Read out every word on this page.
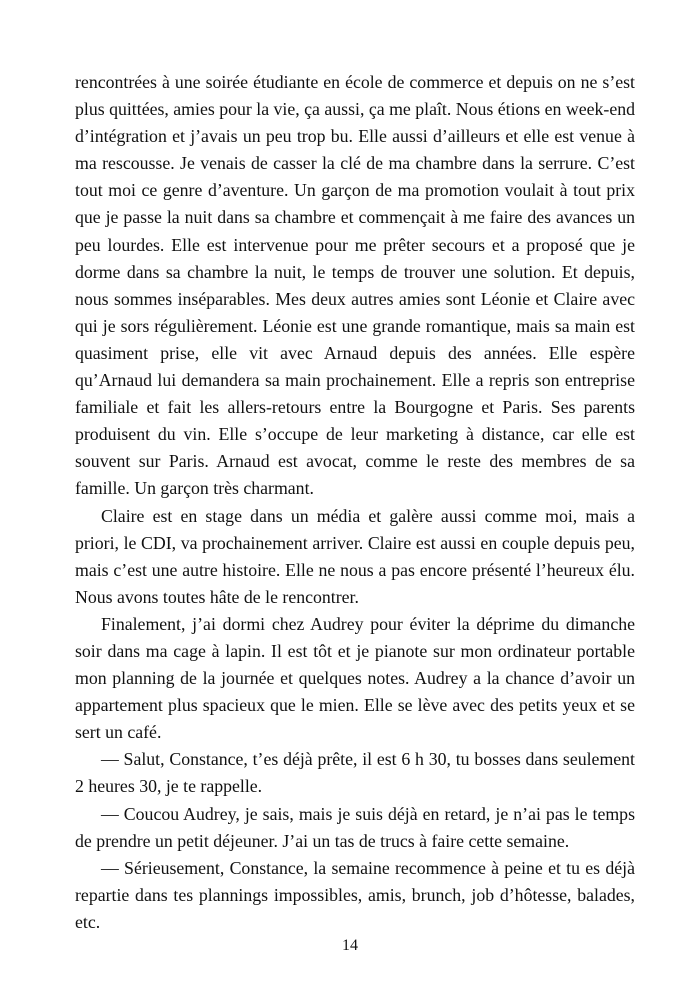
rencontrées à une soirée étudiante en école de commerce et depuis on ne s’est plus quittées, amies pour la vie, ça aussi, ça me plaît. Nous étions en week-end d’intégration et j’avais un peu trop bu. Elle aussi d’ailleurs et elle est venue à ma rescousse. Je venais de casser la clé de ma chambre dans la serrure. C’est tout moi ce genre d’aventure. Un garçon de ma promotion voulait à tout prix que je passe la nuit dans sa chambre et commençait à me faire des avances un peu lourdes. Elle est intervenue pour me prêter secours et a proposé que je dorme dans sa chambre la nuit, le temps de trouver une solution. Et depuis, nous sommes inséparables. Mes deux autres amies sont Léonie et Claire avec qui je sors régulièrement. Léonie est une grande romantique, mais sa main est quasiment prise, elle vit avec Arnaud depuis des années. Elle espère qu’Arnaud lui demandera sa main prochainement. Elle a repris son entreprise familiale et fait les allers-retours entre la Bourgogne et Paris. Ses parents produisent du vin. Elle s’occupe de leur marketing à distance, car elle est souvent sur Paris. Arnaud est avocat, comme le reste des membres de sa famille. Un garçon très charmant.

Claire est en stage dans un média et galère aussi comme moi, mais a priori, le CDI, va prochainement arriver. Claire est aussi en couple depuis peu, mais c’est une autre histoire. Elle ne nous a pas encore présenté l’heureux élu. Nous avons toutes hâte de le rencontrer.

Finalement, j’ai dormi chez Audrey pour éviter la déprime du dimanche soir dans ma cage à lapin. Il est tôt et je pianote sur mon ordinateur portable mon planning de la journée et quelques notes. Audrey a la chance d’avoir un appartement plus spacieux que le mien. Elle se lève avec des petits yeux et se sert un café.

— Salut, Constance, t’es déjà prête, il est 6 h 30, tu bosses dans seulement 2 heures 30, je te rappelle.

— Coucou Audrey, je sais, mais je suis déjà en retard, je n’ai pas le temps de prendre un petit déjeuner. J’ai un tas de trucs à faire cette semaine.

— Sérieusement, Constance, la semaine recommence à peine et tu es déjà repartie dans tes plannings impossibles, amis, brunch, job d’hôtesse, balades, etc.

14
